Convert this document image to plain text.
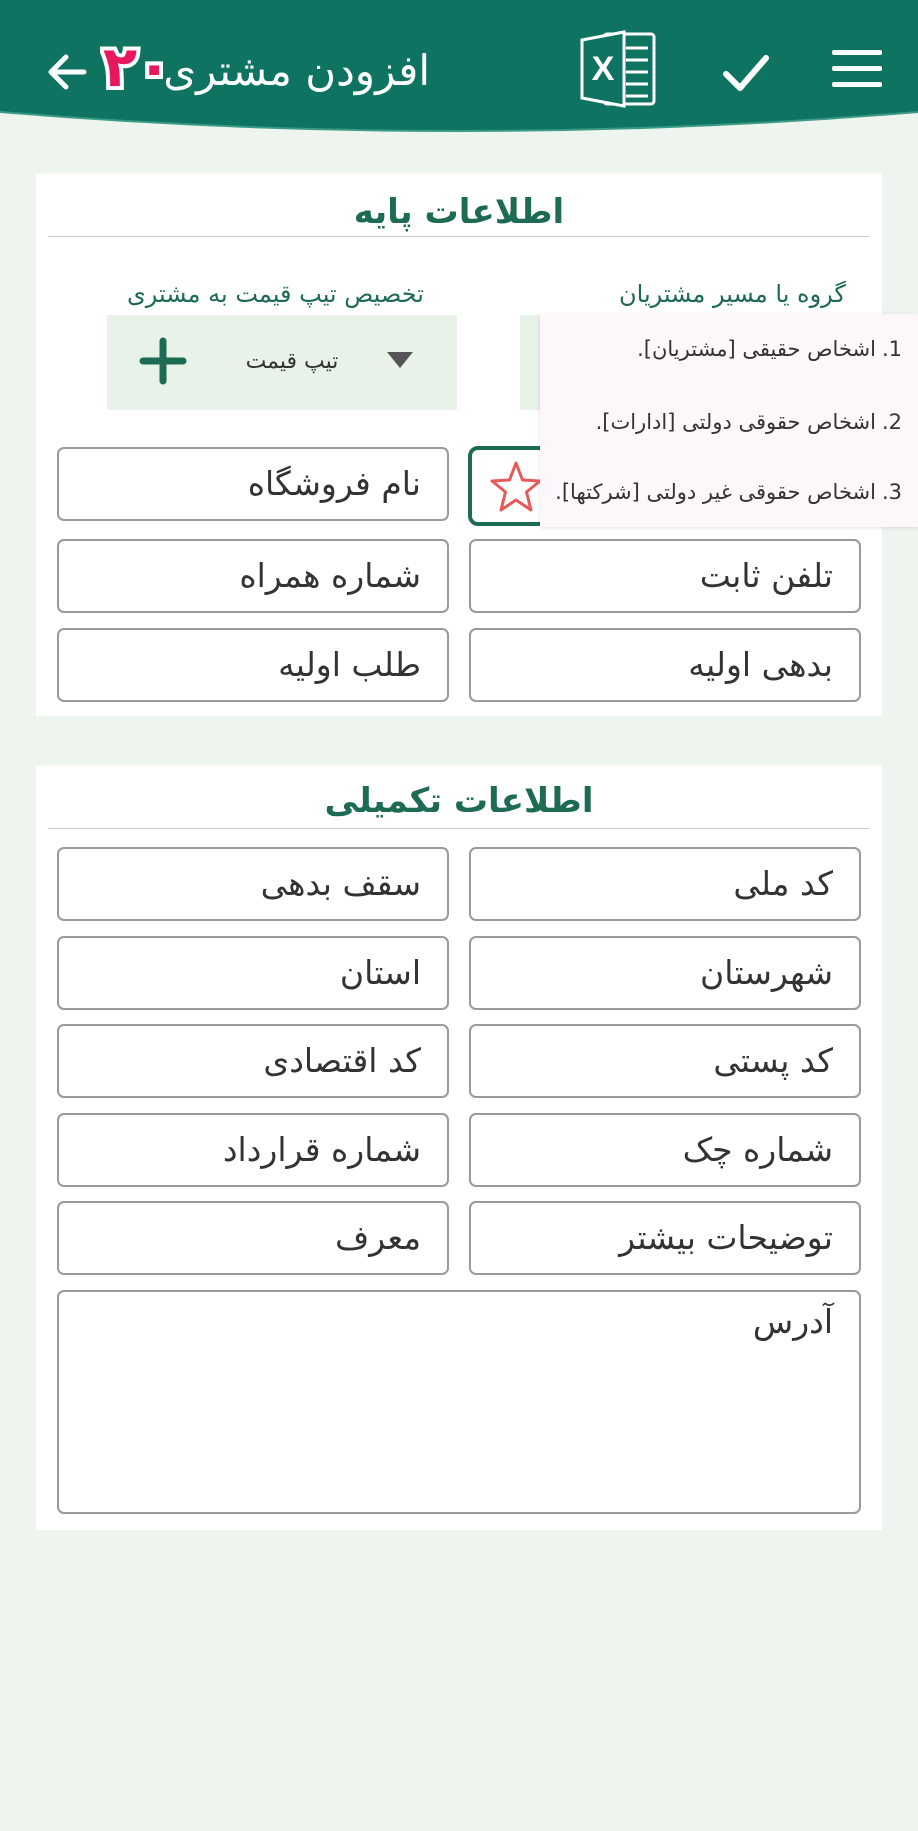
X
افزودن مشتری
۲۰
اطلاعات پایه
تخصیص تیپ قیمت به مشتری	گروه یا مسیر مشتریان
تیپ قیمت
نام فروشگاه
شماره همراه	تلفن ثابت
طلب اولیه	بدهی اولیه
1.اشخاص حقیقی [مشتریان].
2.اشخاص حقوقی دولتی [ادارات].
3.اشخاص حقوقی غیر دولتی [شرکتها].
اطلاعات تکمیلی
سقف بدهی	کد ملی
استان	شهرستان
کد اقتصادی	کد پستی
شماره قرارداد	شماره چک
معرف	توضیحات بیشتر
آدرس
